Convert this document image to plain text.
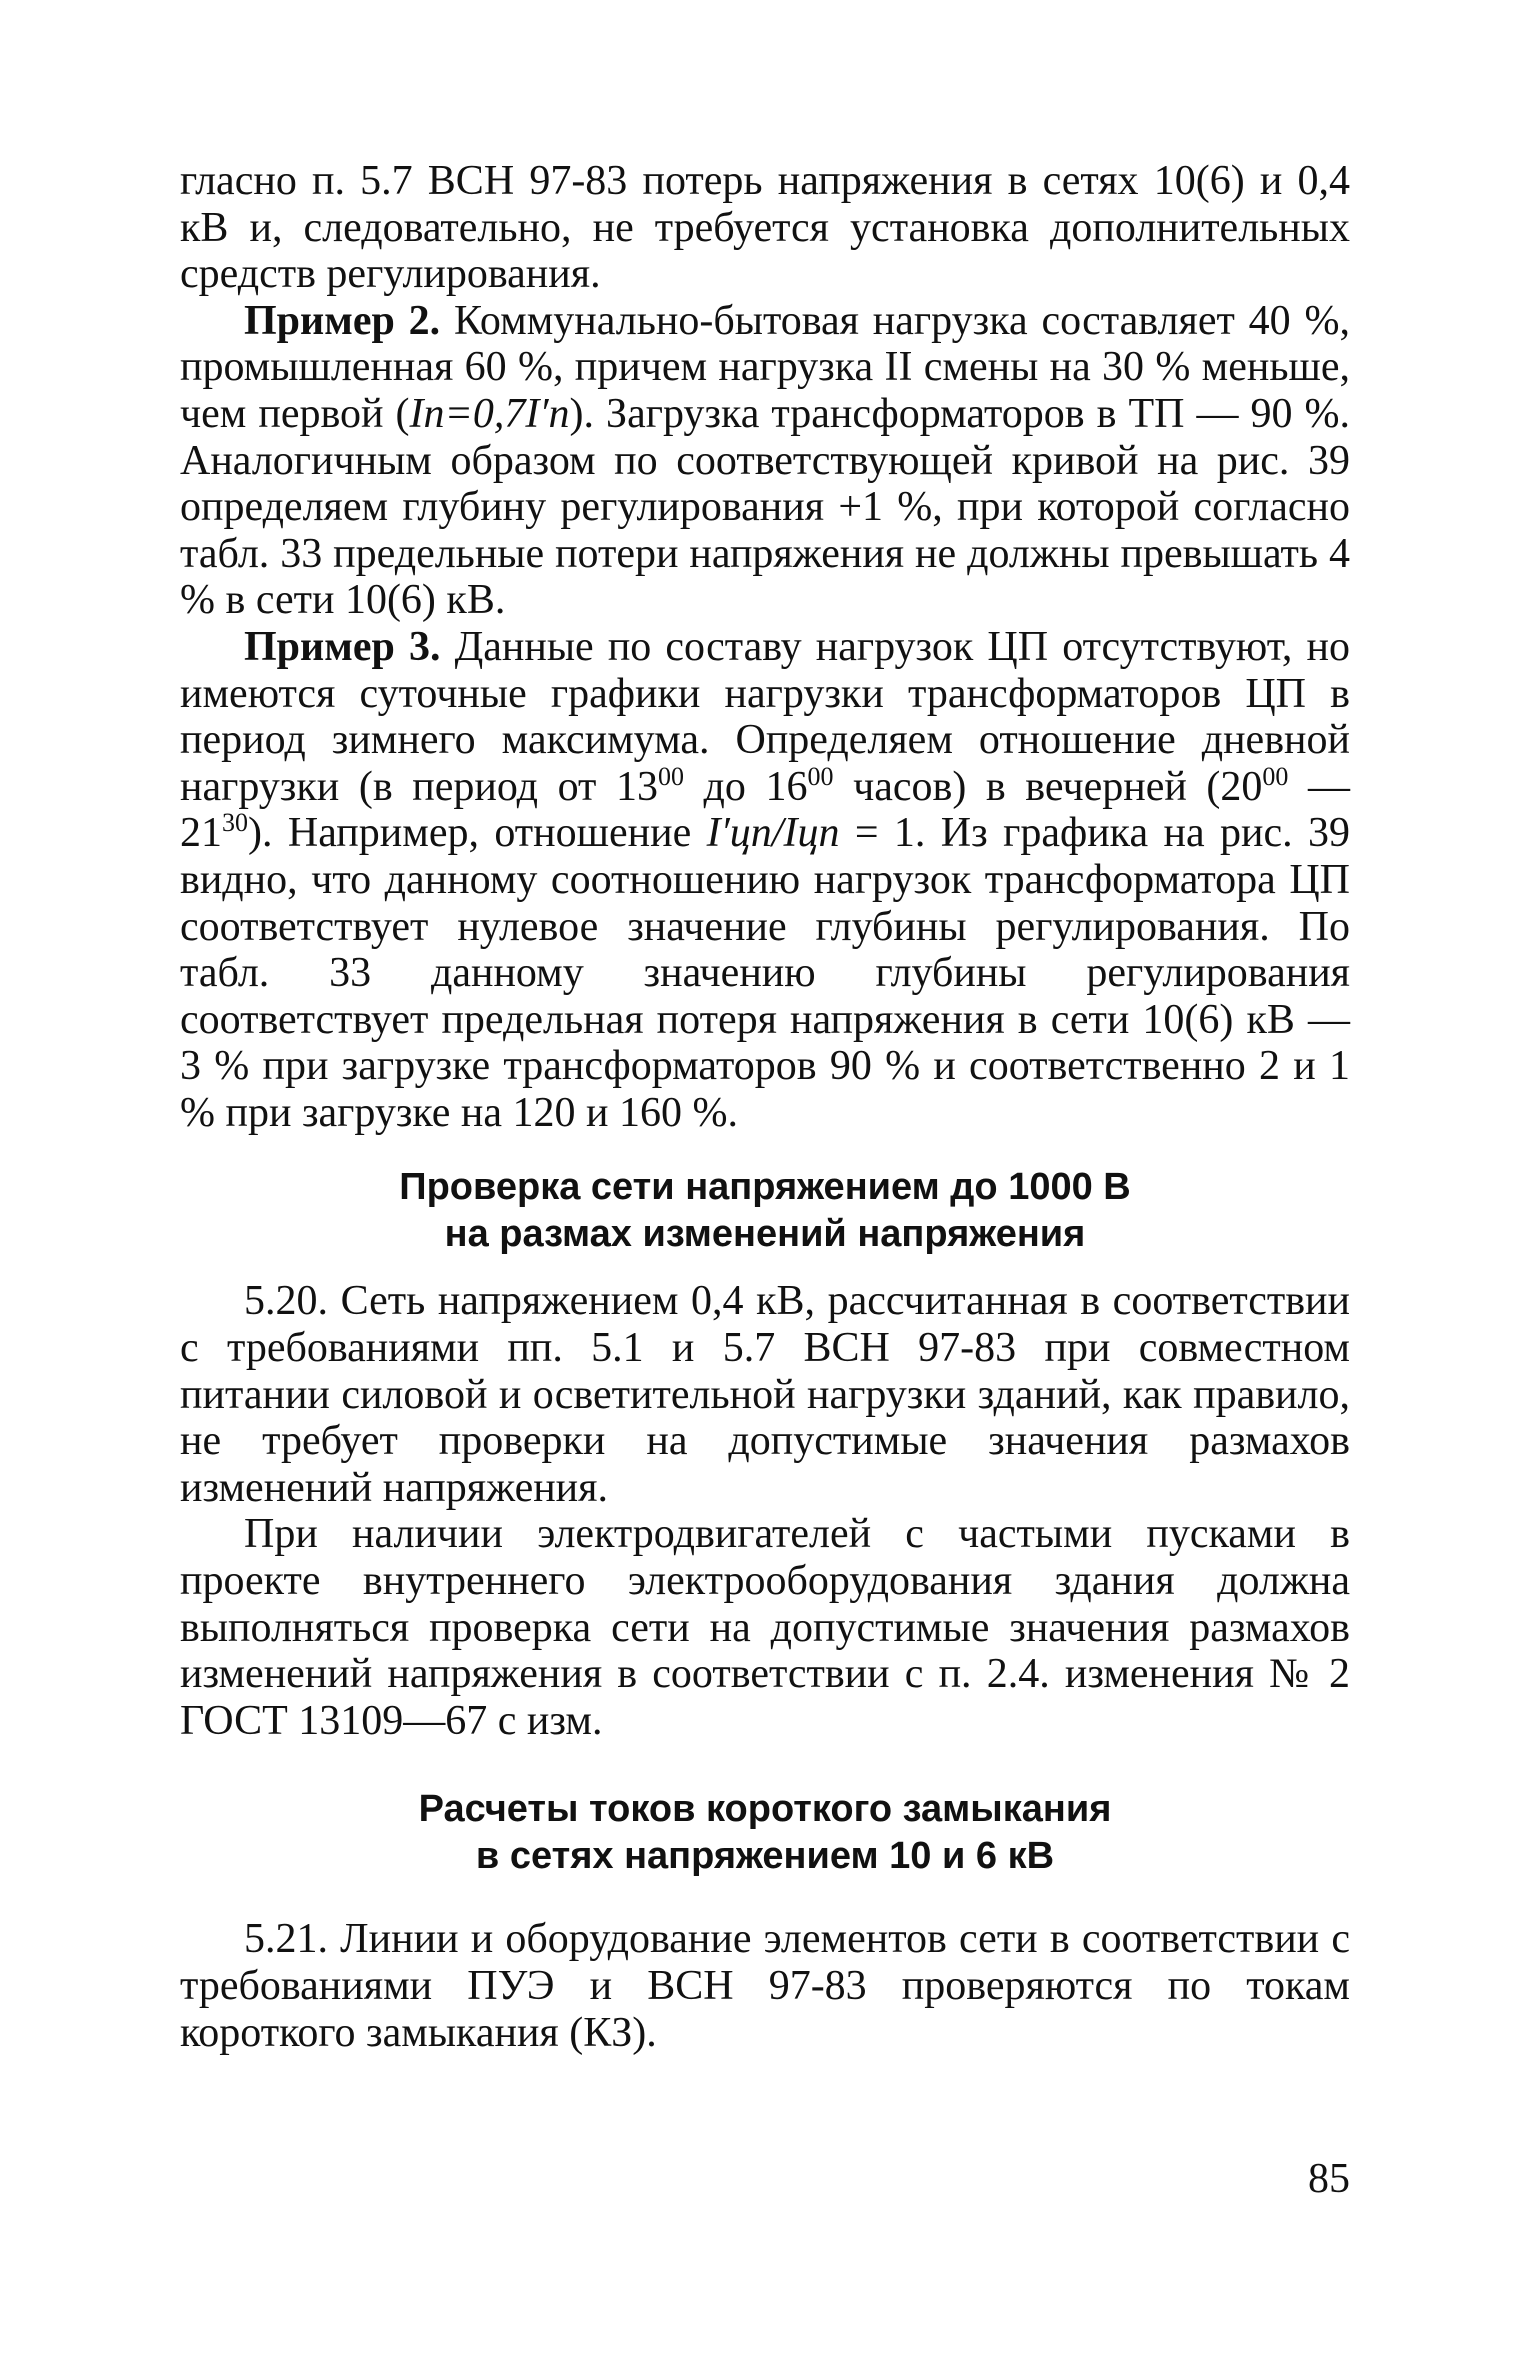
гласно п. 5.7 ВСН 97-83 потерь напряжения в сетях 10(6) и 0,4 кВ и, следовательно, не требуется установка дополнительных средств регулирования.

Пример 2. Коммунально-бытовая нагрузка составляет 40 %, промышленная 60 %, причем нагрузка II смены на 30 % меньше, чем первой (Iп=0,7I′п). Загрузка трансформаторов в ТП — 90 %. Аналогичным образом по соответствующей кривой на рис. 39 определяем глубину регулирования +1 %, при которой согласно табл. 33 предельные потери напряжения не должны превышать 4 % в сети 10(6) кВ.

Пример 3. Данные по составу нагрузок ЦП отсутствуют, но имеются суточные графики нагрузки трансформаторов ЦП в период зимнего максимума. Определяем отношение дневной нагрузки (в период от $13^{00}$ до $16^{00}$ часов) в вечерней ($20^{00}$ — $21^{30}$). Например, отношение I′цп/Iцп = 1. Из графика на рис. 39 видно, что данному соотношению нагрузок трансформатора ЦП соответствует нулевое значение глубины регулирования. По табл. 33 данному значению глубины регулирования соответствует предельная потеря напряжения в сети 10(6) кВ — 3 % при загрузке трансформаторов 90 % и соответственно 2 и 1 % при загрузке на 120 и 160 %.

Проверка сети напряжением до 1000 В
на размах изменений напряжения

5.20. Сеть напряжением 0,4 кВ, рассчитанная в соответствии с требованиями пп. 5.1 и 5.7 ВСН 97-83 при совместном питании силовой и осветительной нагрузки зданий, как правило, не требует проверки на допустимые значения размахов изменений напряжения.

При наличии электродвигателей с частыми пусками в проекте внутреннего электрооборудования здания должна выполняться проверка сети на допустимые значения размахов изменений напряжения в соответствии с п. 2.4. изменения № 2 ГОСТ 13109—67 с изм.

Расчеты токов короткого замыкания
в сетях напряжением 10 и 6 кВ

5.21. Линии и оборудование элементов сети в соответствии с требованиями ПУЭ и ВСН 97-83 проверяются по токам короткого замыкания (КЗ).

85
